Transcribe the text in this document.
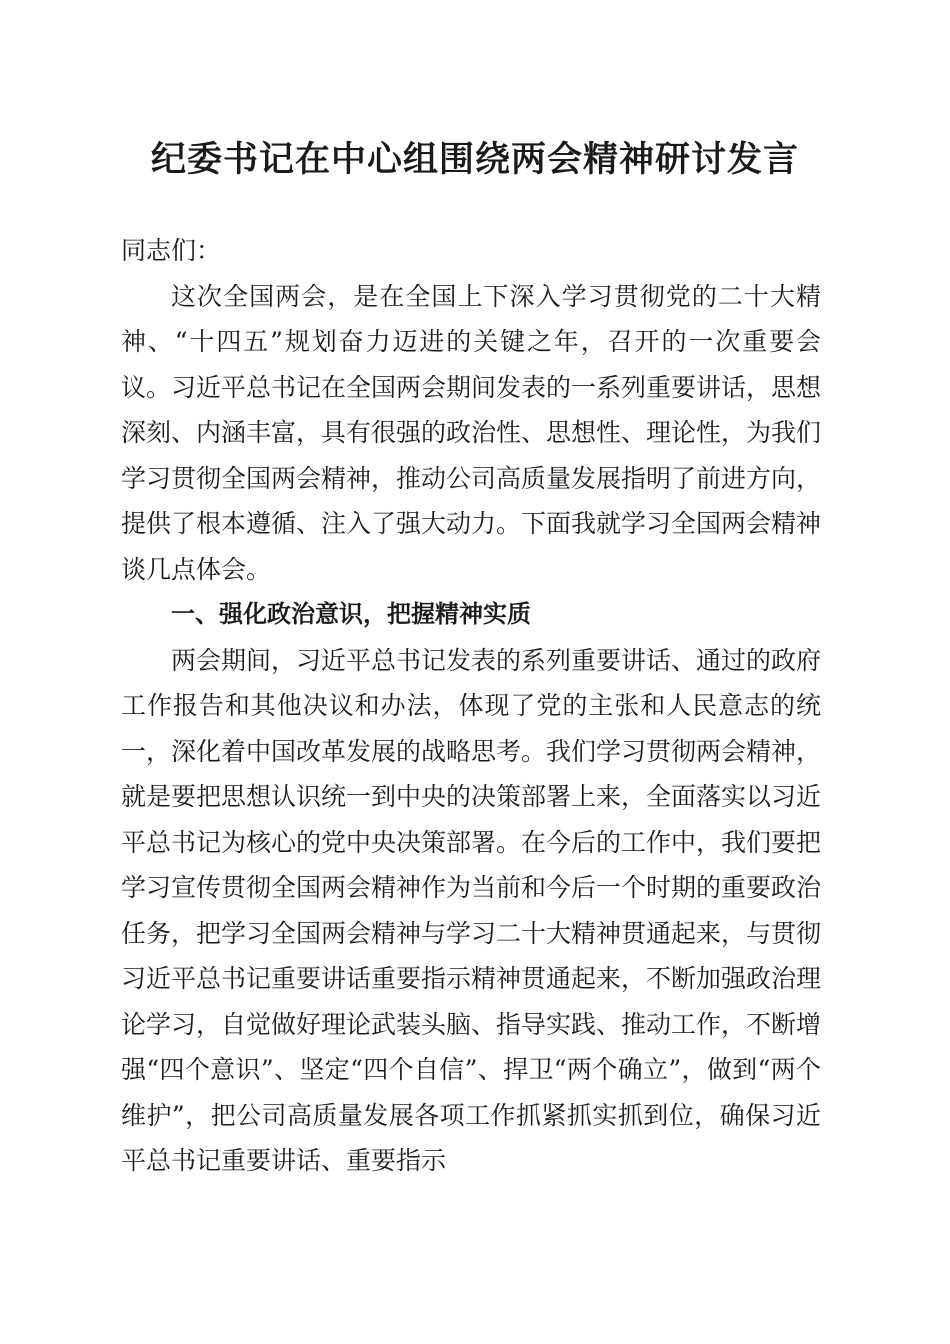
纪委书记在中心组围绕两会精神研讨发言

同志们：

这次全国两会，是在全国上下深入学习贯彻党的二十大精神、“十四五”规划奋力迈进的关键之年，召开的一次重要会议。习近平总书记在全国两会期间发表的一系列重要讲话，思想深刻、内涵丰富，具有很强的政治性、思想性、理论性，为我们学习贯彻全国两会精神，推动公司高质量发展指明了前进方向，提供了根本遵循、注入了强大动力。下面我就学习全国两会精神谈几点体会。

一、强化政治意识，把握精神实质

两会期间，习近平总书记发表的系列重要讲话、通过的政府工作报告和其他决议和办法，体现了党的主张和人民意志的统一，深化着中国改革发展的战略思考。我们学习贯彻两会精神，就是要把思想认识统一到中央的决策部署上来，全面落实以习近平总书记为核心的党中央决策部署。在今后的工作中，我们要把学习宣传贯彻全国两会精神作为当前和今后一个时期的重要政治任务，把学习全国两会精神与学习二十大精神贯通起来，与贯彻习近平总书记重要讲话重要指示精神贯通起来，不断加强政治理论学习，自觉做好理论武装头脑、指导实践、推动工作，不断增强“四个意识”、坚定“四个自信”、捍卫“两个确立”，做到“两个维护”，把公司高质量发展各项工作抓紧抓实抓到位，确保习近平总书记重要讲话、重要指示
